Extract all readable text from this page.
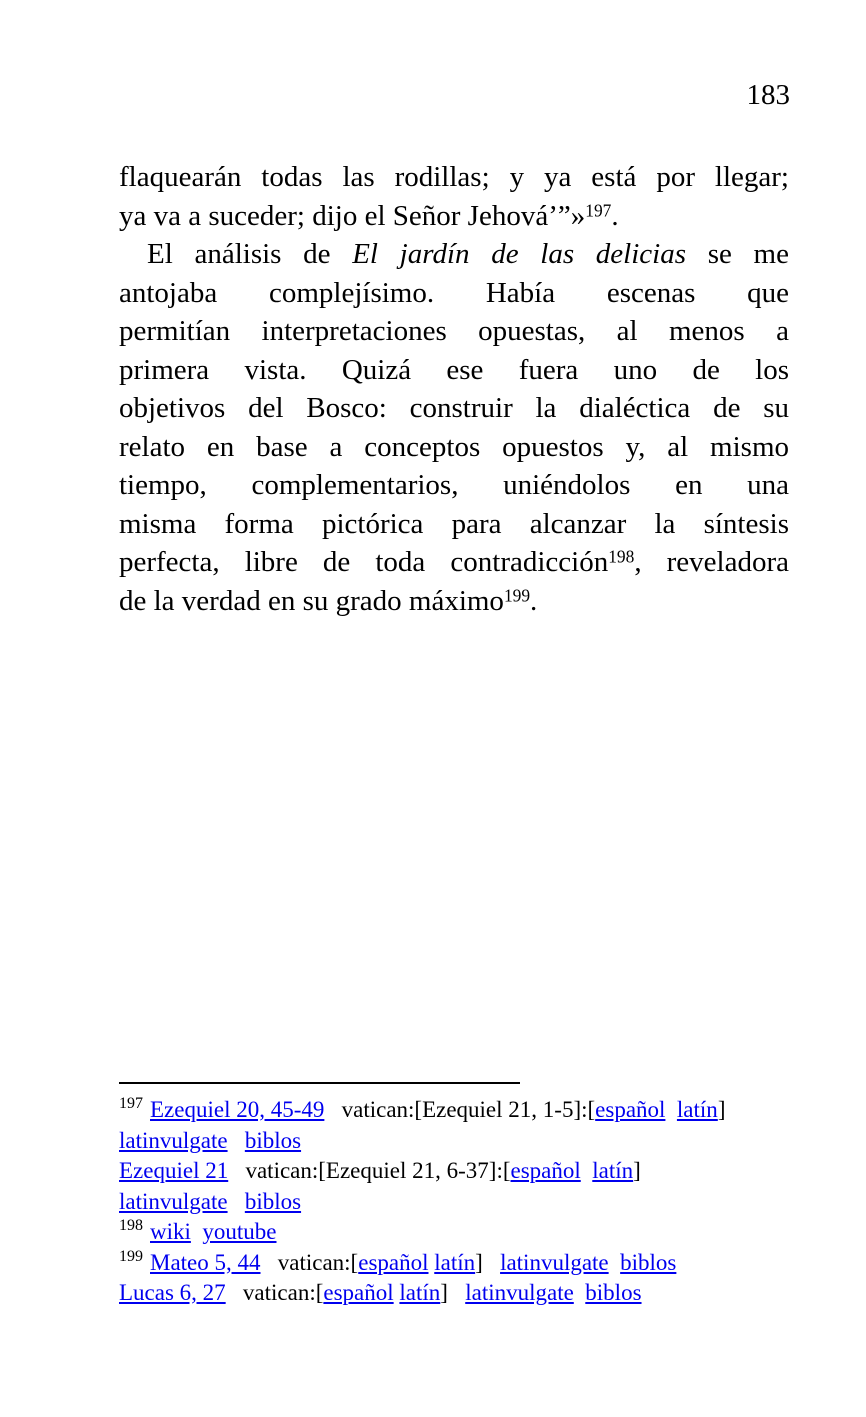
183
flaquearán todas las rodillas; y ya está por llegar;
ya va a suceder; dijo el Señor Jehová’”»$^{197}$.
El análisis de El jardín de las delicias se me
antojaba complejísimo. Había escenas que
permitían interpretaciones opuestas, al menos a
primera vista. Quizá ese fuera uno de los
objetivos del Bosco: construir la dialéctica de su
relato en base a conceptos opuestos y, al mismo
tiempo, complementarios, uniéndolos en una
misma forma pictórica para alcanzar la síntesis
perfecta, libre de toda contradicción$^{198}$, reveladora
de la verdad en su grado máximo$^{199}$.
$^{197}$ Ezequiel 20, 45-49   vatican:[Ezequiel 21, 1-5]:[español latín]
latinvulgate biblos
Ezequiel 21   vatican:[Ezequiel 21, 6-37]:[español latín]
latinvulgate biblos
$^{198}$ wiki youtube
$^{199}$ Mateo 5, 44   vatican:[español latín]   latinvulgate biblos
Lucas 6, 27   vatican:[español latín]   latinvulgate biblos
